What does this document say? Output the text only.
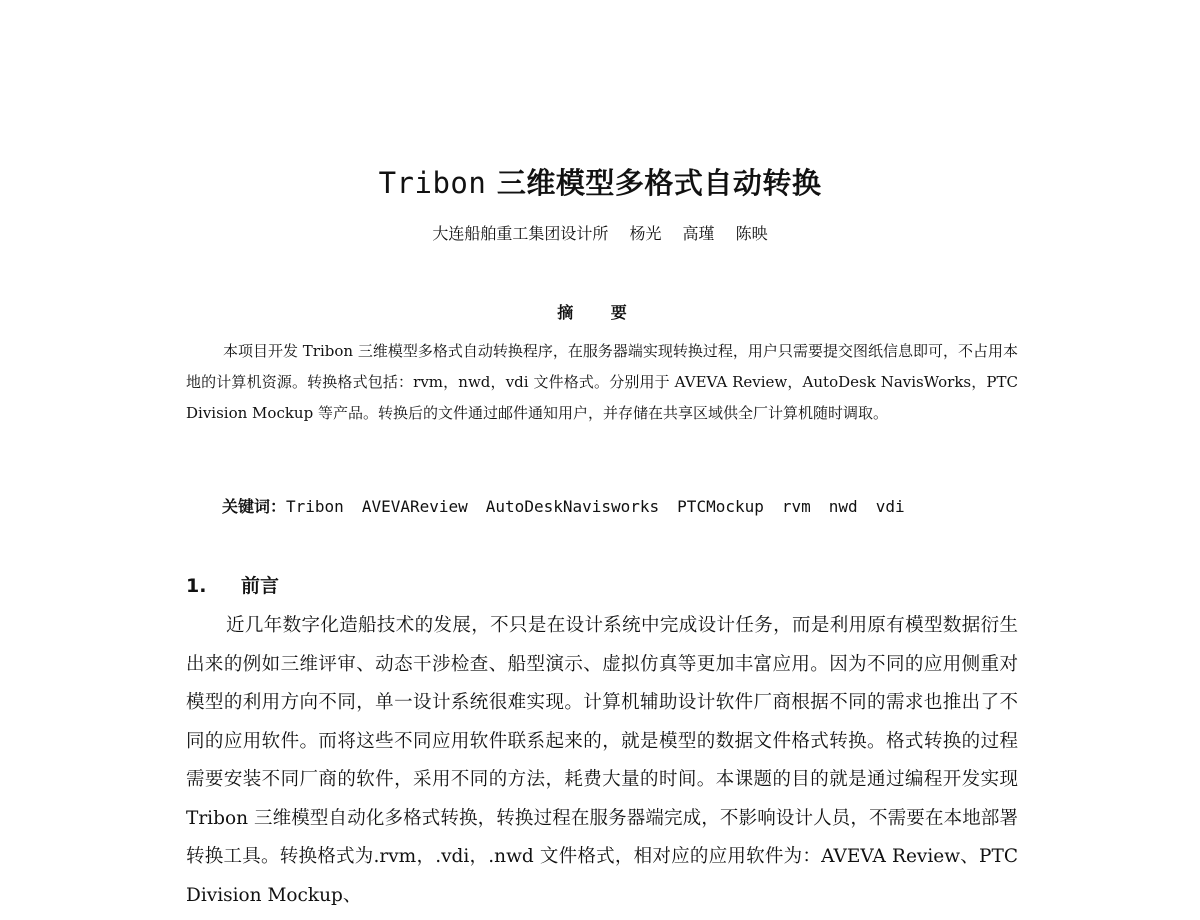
Tribon 三维模型多格式自动转换
大连船舶重工集团设计所 杨光 高瑾 陈映
摘 要

本项目开发 Tribon 三维模型多格式自动转换程序，在服务器端实现转换过程，用户只需要提交图纸信息即可，不占用本地的计算机资源。转换格式包括：rvm，nwd，vdi 文件格式。分别用于 AVEVA Review，AutoDesk NavisWorks，PTC Division Mockup 等产品。转换后的文件通过邮件通知用户，并存储在共享区域供全厂计算机随时调取。

关键词：Tribon AVEVAReview AutoDeskNavisworks PTCMockup rvm nwd vdi
1. 前言

近几年数字化造船技术的发展，不只是在设计系统中完成设计任务，而是利用原有模型数据衍生出来的例如三维评审、动态干涉检查、船型演示、虚拟仿真等更加丰富应用。因为不同的应用侧重对模型的利用方向不同，单一设计系统很难实现。计算机辅助设计软件厂商根据不同的需求也推出了不同的应用软件。而将这些不同应用软件联系起来的，就是模型的数据文件格式转换。格式转换的过程需要安装不同厂商的软件，采用不同的方法，耗费大量的时间。本课题的目的就是通过编程开发实现 Tribon 三维模型自动化多格式转换，转换过程在服务器端完成，不影响设计人员，不需要在本地部署转换工具。转换格式为.rvm，.vdi，.nwd 文件格式，相对应的应用软件为：AVEVA Review、PTC Division Mockup、
